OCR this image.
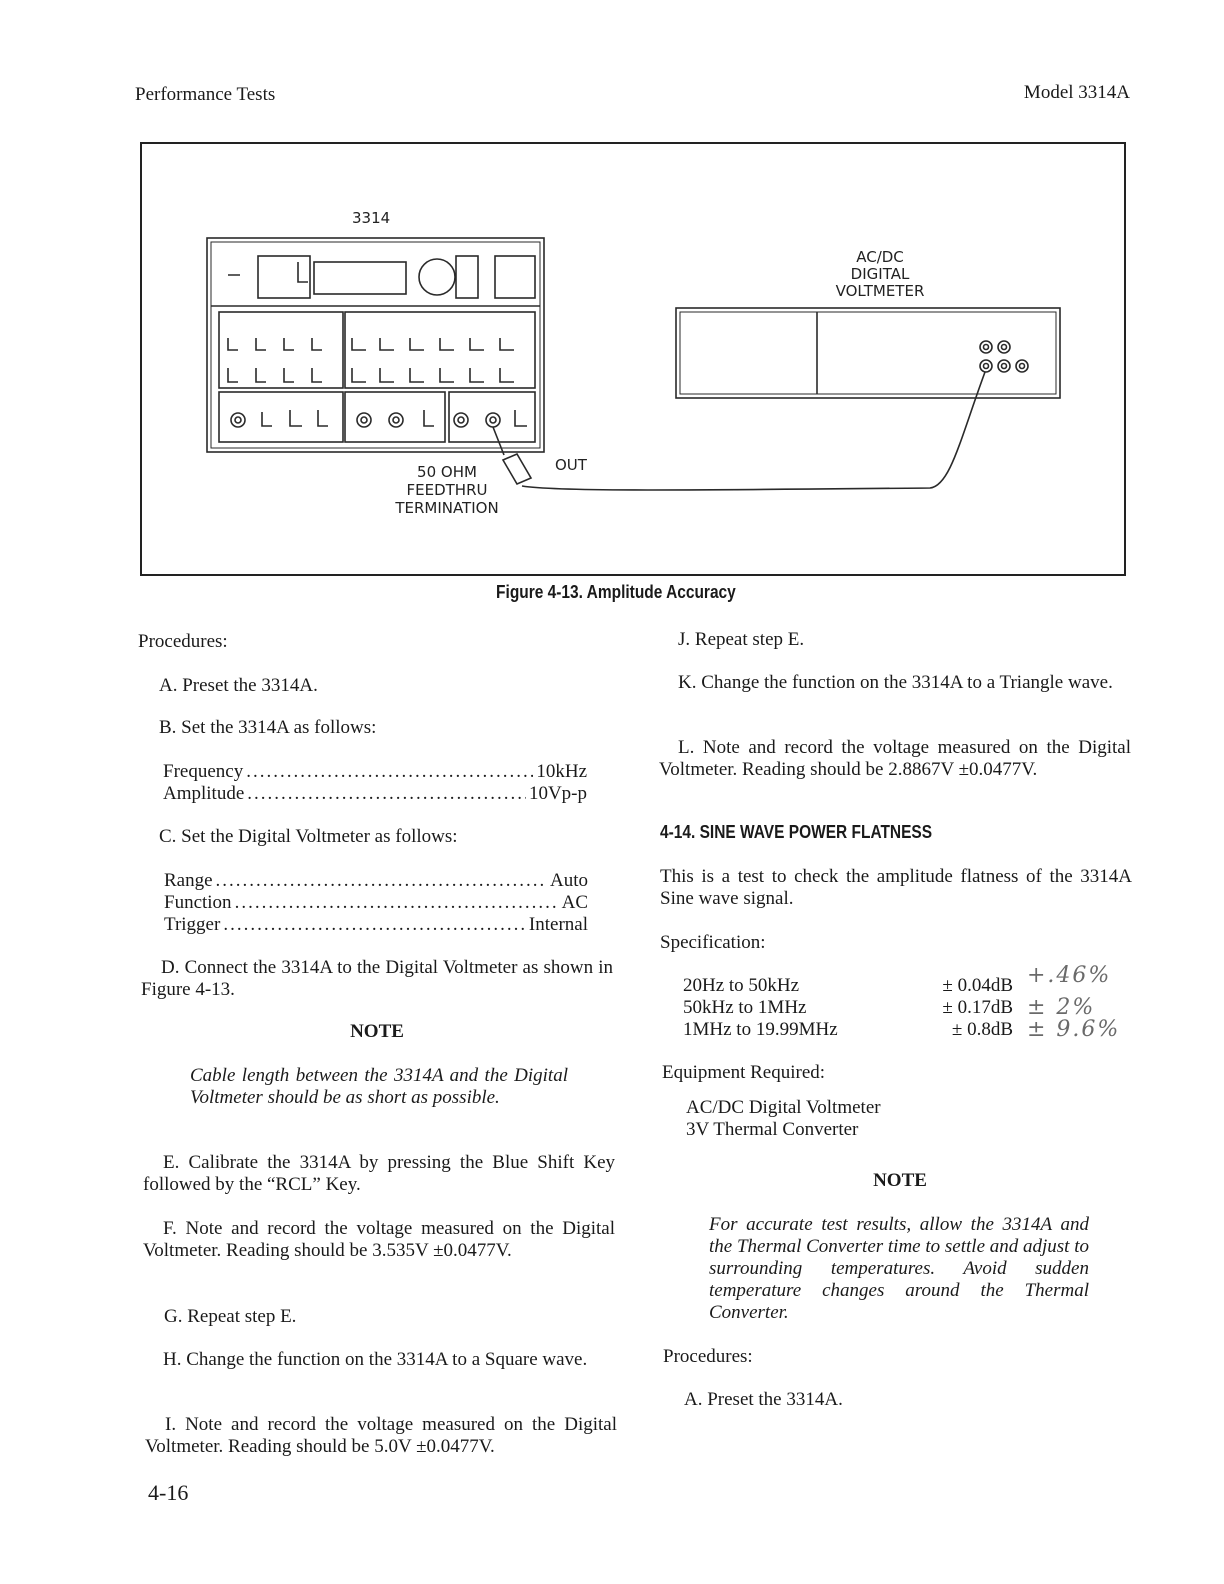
Performance Tests	Model 3314A
3314
AC/DC
DIGITAL
VOLTMETER
50 OHM
FEEDTHRU
TERMINATION
OUT
Figure 4-13. Amplitude Accuracy
Procedures:
A. Preset the 3314A.
B. Set the 3314A as follows:
Frequency .....	10kHz
Amplitude .....	10Vp-p
C. Set the Digital Voltmeter as follows:
Range .....	Auto
Function .....	AC
Trigger .....	Internal
D. Connect the 3314A to the Digital Voltmeter as shown in Figure 4-13.
NOTE
Cable length between the 3314A and the Digital Voltmeter should be as short as possible.
E. Calibrate the 3314A by pressing the Blue Shift Key followed by the “RCL” Key.
F. Note and record the voltage measured on the Digital Voltmeter. Reading should be 3.535V ±0.0477V.
G. Repeat step E.
H. Change the function on the 3314A to a Square wave.
I. Note and record the voltage measured on the Digital Voltmeter. Reading should be 5.0V ±0.0477V.
J. Repeat step E.
K. Change the function on the 3314A to a Triangle wave.
L. Note and record the voltage measured on the Digital Voltmeter. Reading should be 2.8867V ±0.0477V.
4-14. SINE WAVE POWER FLATNESS
This is a test to check the amplitude flatness of the 3314A Sine wave signal.
Specification:
20Hz to 50kHz	± 0.04dB +.46%
50kHz to 1MHz	± 0.17dB ± 2%
1MHz to 19.99MHz	± 0.8dB ± 9.6%
Equipment Required:
AC/DC Digital Voltmeter
3V Thermal Converter
NOTE
For accurate test results, allow the 3314A and the Thermal Converter time to settle and adjust to surrounding temperatures. Avoid sudden temperature changes around the Thermal Converter.
Procedures:
A. Preset the 3314A.
4-16
